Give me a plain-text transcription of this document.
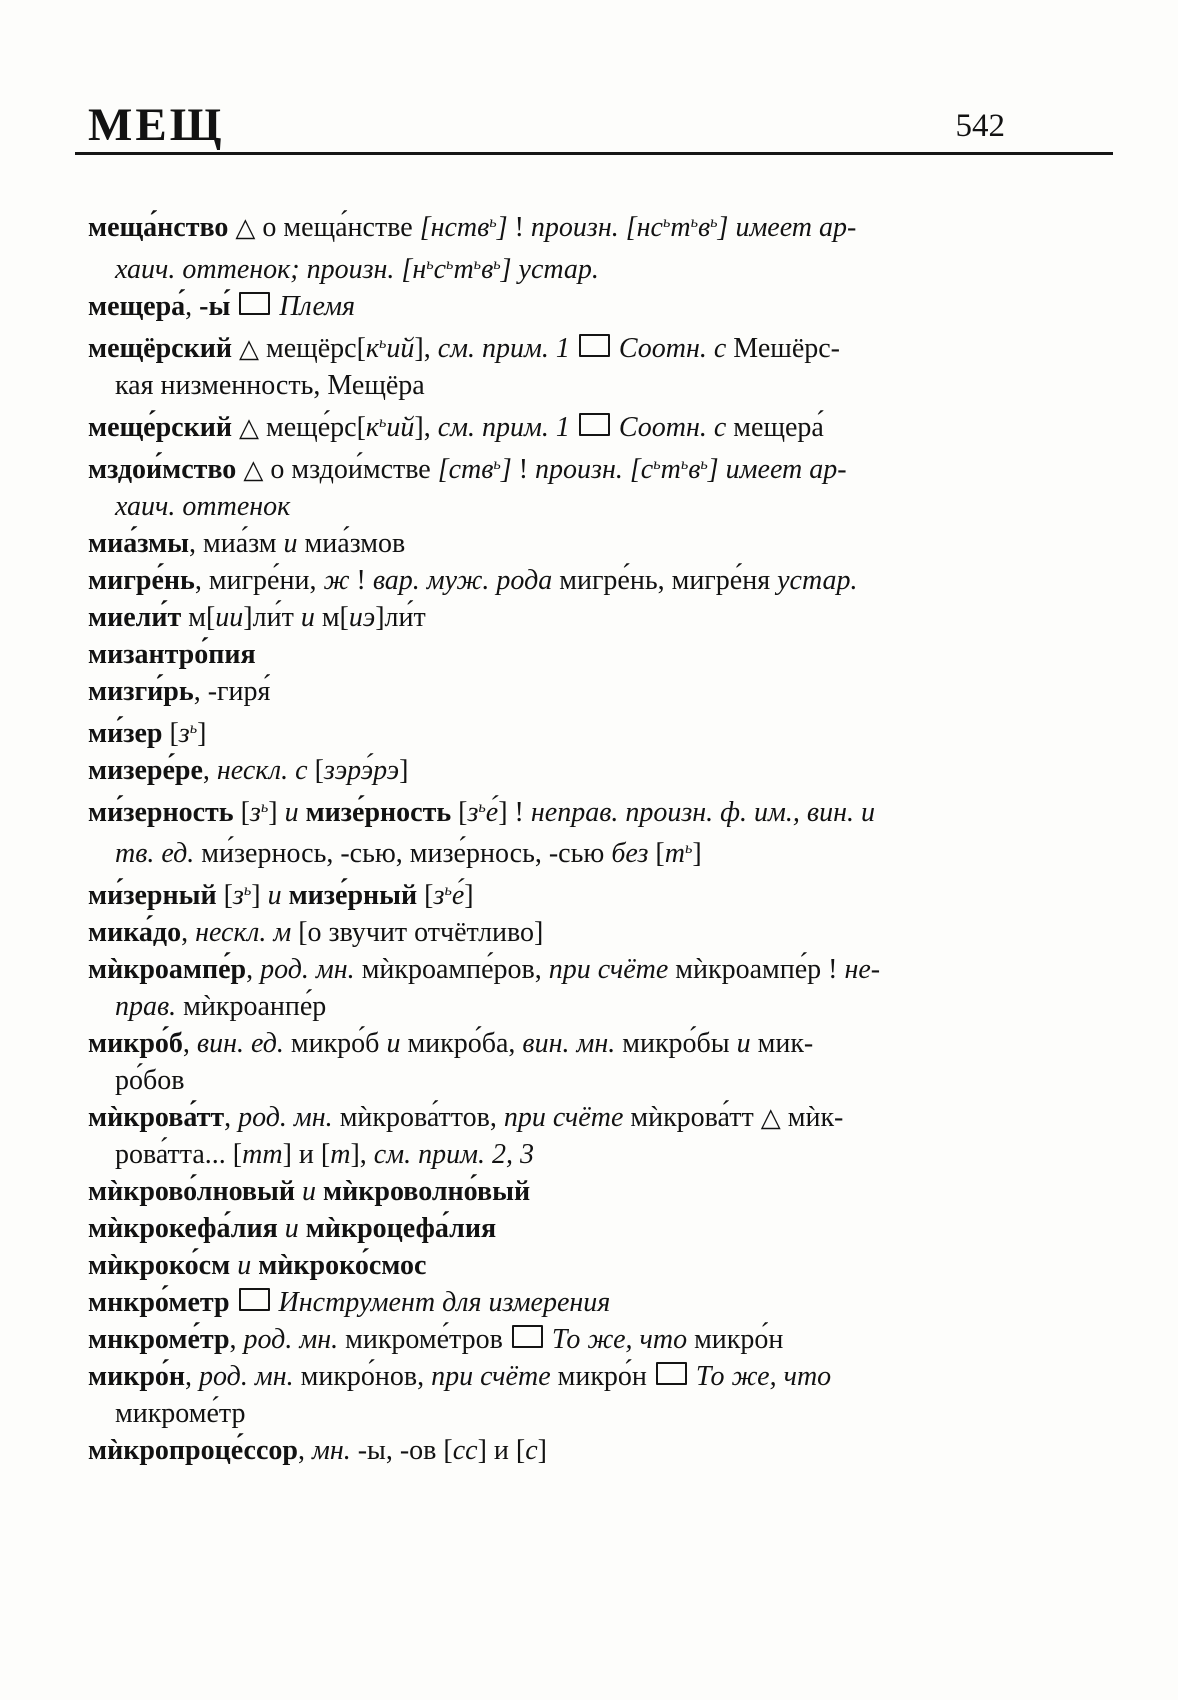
МЕЩ	542

меща́нство △ о меща́нстве [нств$^ь$] ! произн. $[нс^ьт^ьв^ь]$ имеет ар-
хаич. оттенок; произн. $[н^ьс^ьт^ьв^ь]$ устар.

мещера́, -ы́ Племя

мещёрский △ $мещёрс[к^ьий]$, см. прим. 1 Соотн. с Мешёрс-
кая низменность, Мещёра

меще́рский △ $меще́рс[к^ьий]$, см. прим. 1 Соотн. с мещера́

мздои́мство △ о мздои́мстве [ств$^ь$] ! произн. $[с^ьт^ьв^ь]$ имеет ар-
хаич. оттенок

миа́змы, миа́зм и миа́змов

мигре́нь, мигре́ни, ж ! вар. муж. рода мигре́нь, мигре́ня устар.

миели́т м[ии]ли́т и м[иэ]ли́т

мизантро́пия

мизги́рь, -гиря́

ми́зер $[з^ь]$

мизере́ре, нескл. с [зэрэ́рэ]

ми́зерность $[з^ь]$ и мизе́рность $[з^ье́]$ ! неправ. произн. ф. им., вин. и
тв. ед. ми́зернось, -сью, мизе́рнось, -сью без $[т^ь]$

ми́зерный $[з^ь]$ и мизе́рный $[з^ье́]$

мика́до, нескл. м [о звучит отчётливо]

мѝкроампе́р, род. мн. мѝкроампе́ров, при счёте мѝкроампе́р ! не-
прав. мѝкроанпе́р

микро́б, вин. ед. микро́б и микро́ба, вин. мн. микро́бы и мик-
ро́бов

мѝкрова́тт, род. мн. мѝкрова́ттов, при счёте мѝкрова́тт △ мѝк-
рова́тта... [тт] и [т], см. прим. 2, 3

мѝкрово́лновый и мѝкроволно́вый

мѝкрокефа́лия и мѝкроцефа́лия

мѝкроко́см и мѝкроко́смос

мнкро́метр Инструмент для измерения

мнкроме́тр, род. мн. микроме́тров То же, что микро́н

микро́н, род. мн. микро́нов, при счёте микро́н То же, что
микроме́тр

мѝкропроце́ссор, мн. -ы, -ов [сс] и [с]
